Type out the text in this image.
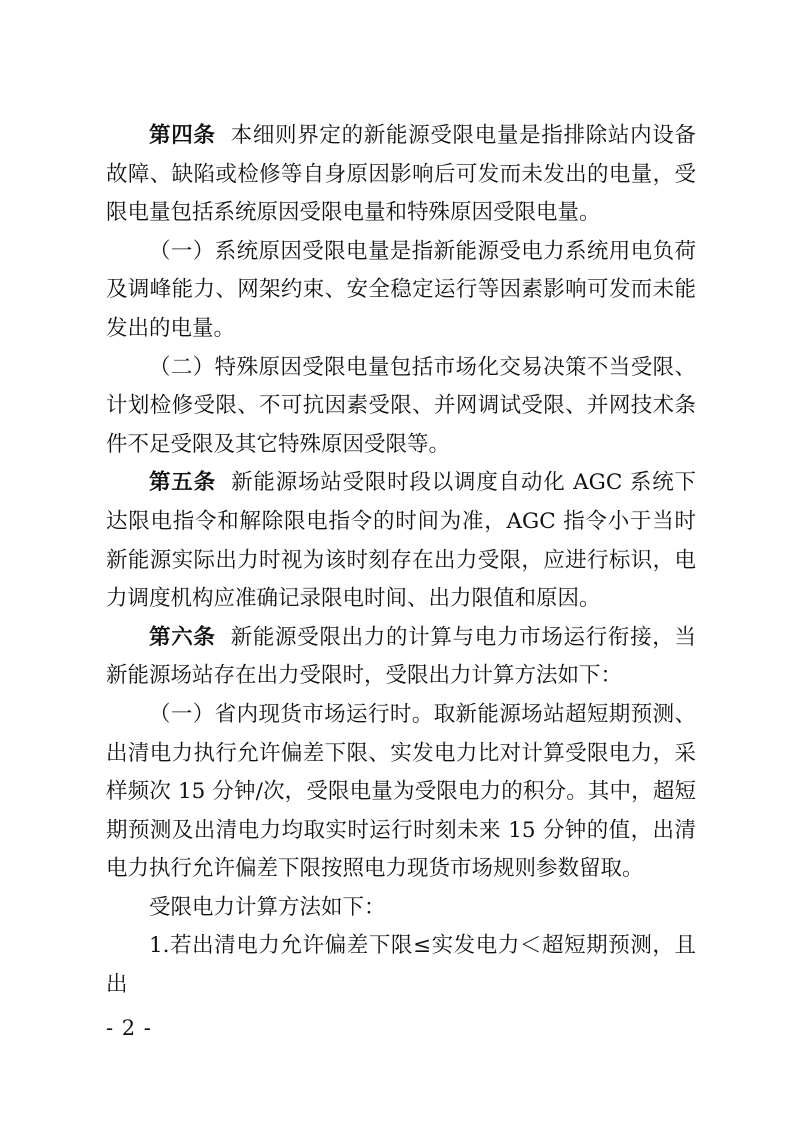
第四条 本细则界定的新能源受限电量是指排除站内设备故障、缺陷或检修等自身原因影响后可发而未发出的电量，受限电量包括系统原因受限电量和特殊原因受限电量。

（一）系统原因受限电量是指新能源受电力系统用电负荷及调峰能力、网架约束、安全稳定运行等因素影响可发而未能发出的电量。

（二）特殊原因受限电量包括市场化交易决策不当受限、计划检修受限、不可抗因素受限、并网调试受限、并网技术条件不足受限及其它特殊原因受限等。

第五条 新能源场站受限时段以调度自动化 AGC 系统下达限电指令和解除限电指令的时间为准，AGC 指令小于当时新能源实际出力时视为该时刻存在出力受限，应进行标识，电力调度机构应准确记录限电时间、出力限值和原因。

第六条 新能源受限出力的计算与电力市场运行衔接，当新能源场站存在出力受限时，受限出力计算方法如下：

（一）省内现货市场运行时。取新能源场站超短期预测、出清电力执行允许偏差下限、实发电力比对计算受限电力，采样频次 15 分钟/次，受限电量为受限电力的积分。其中，超短期预测及出清电力均取实时运行时刻未来 15 分钟的值，出清电力执行允许偏差下限按照电力现货市场规则参数留取。

受限电力计算方法如下：

1.若出清电力允许偏差下限≤实发电力＜超短期预测，且出

- 2 -
